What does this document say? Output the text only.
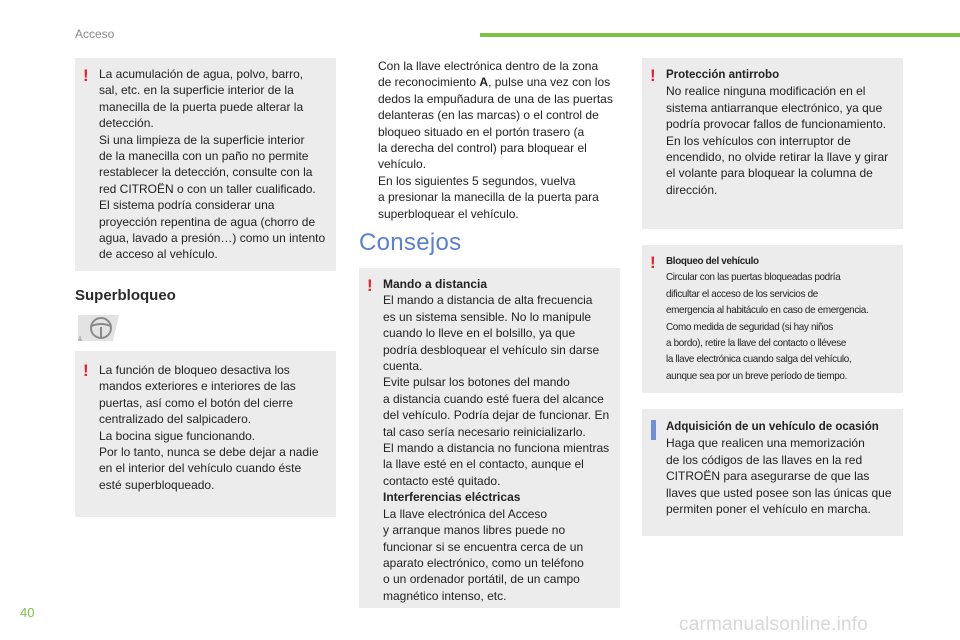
Acceso
! La acumulación de agua, polvo, barro,
sal, etc. en la superficie interior de la
manecilla de la puerta puede alterar la
detección.
Si una limpieza de la superficie interior
de la manecilla con un paño no permite
restablecer la detección, consulte con la
red CITROËN o con un taller cualificado.
El sistema podría considerar una
proyección repentina de agua (chorro de
agua, lavado a presión…) como un intento
de acceso al vehículo.
Superbloqueo
! La función de bloqueo desactiva los
mandos exteriores e interiores de las
puertas, así como el botón del cierre
centralizado del salpicadero.
La bocina sigue funcionando.
Por lo tanto, nunca se debe dejar a nadie
en el interior del vehículo cuando éste
esté superbloqueado.
Con la llave electrónica dentro de la zona
de reconocimiento A, pulse una vez con los
dedos la empuñadura de una de las puertas
delanteras (en las marcas) o el control de
bloqueo situado en el portón trasero (a
la derecha del control) para bloquear el
vehículo.
En los siguientes 5 segundos, vuelva
a presionar la manecilla de la puerta para
superbloquear el vehículo.
Consejos
! Mando a distancia
El mando a distancia de alta frecuencia
es un sistema sensible. No lo manipule
cuando lo lleve en el bolsillo, ya que
podría desbloquear el vehículo sin darse
cuenta.
Evite pulsar los botones del mando
a distancia cuando esté fuera del alcance
del vehículo. Podría dejar de funcionar. En
tal caso sería necesario reinicializarlo.
El mando a distancia no funciona mientras
la llave esté en el contacto, aunque el
contacto esté quitado.
Interferencias eléctricas
La llave electrónica del Acceso
y arranque manos libres puede no
funcionar si se encuentra cerca de un
aparato electrónico, como un teléfono
o un ordenador portátil, de un campo
magnético intenso, etc.
! Protección antirrobo
No realice ninguna modificación en el
sistema antiarranque electrónico, ya que
podría provocar fallos de funcionamiento.
En los vehículos con interruptor de
encendido, no olvide retirar la llave y girar
el volante para bloquear la columna de
dirección.
! Bloqueo del vehículo
Circular con las puertas bloqueadas podría
dificultar el acceso de los servicios de
emergencia al habitáculo en caso de emergencia.
Como medida de seguridad (si hay niños
a bordo), retire la llave del contacto o llévese
la llave electrónica cuando salga del vehículo,
aunque sea por un breve período de tiempo.
Adquisición de un vehículo de ocasión
Haga que realicen una memorización
de los códigos de las llaves en la red
CITROËN para asegurarse de que las
llaves que usted posee son las únicas que
permiten poner el vehículo en marcha.
40
carmanualsonline.info
